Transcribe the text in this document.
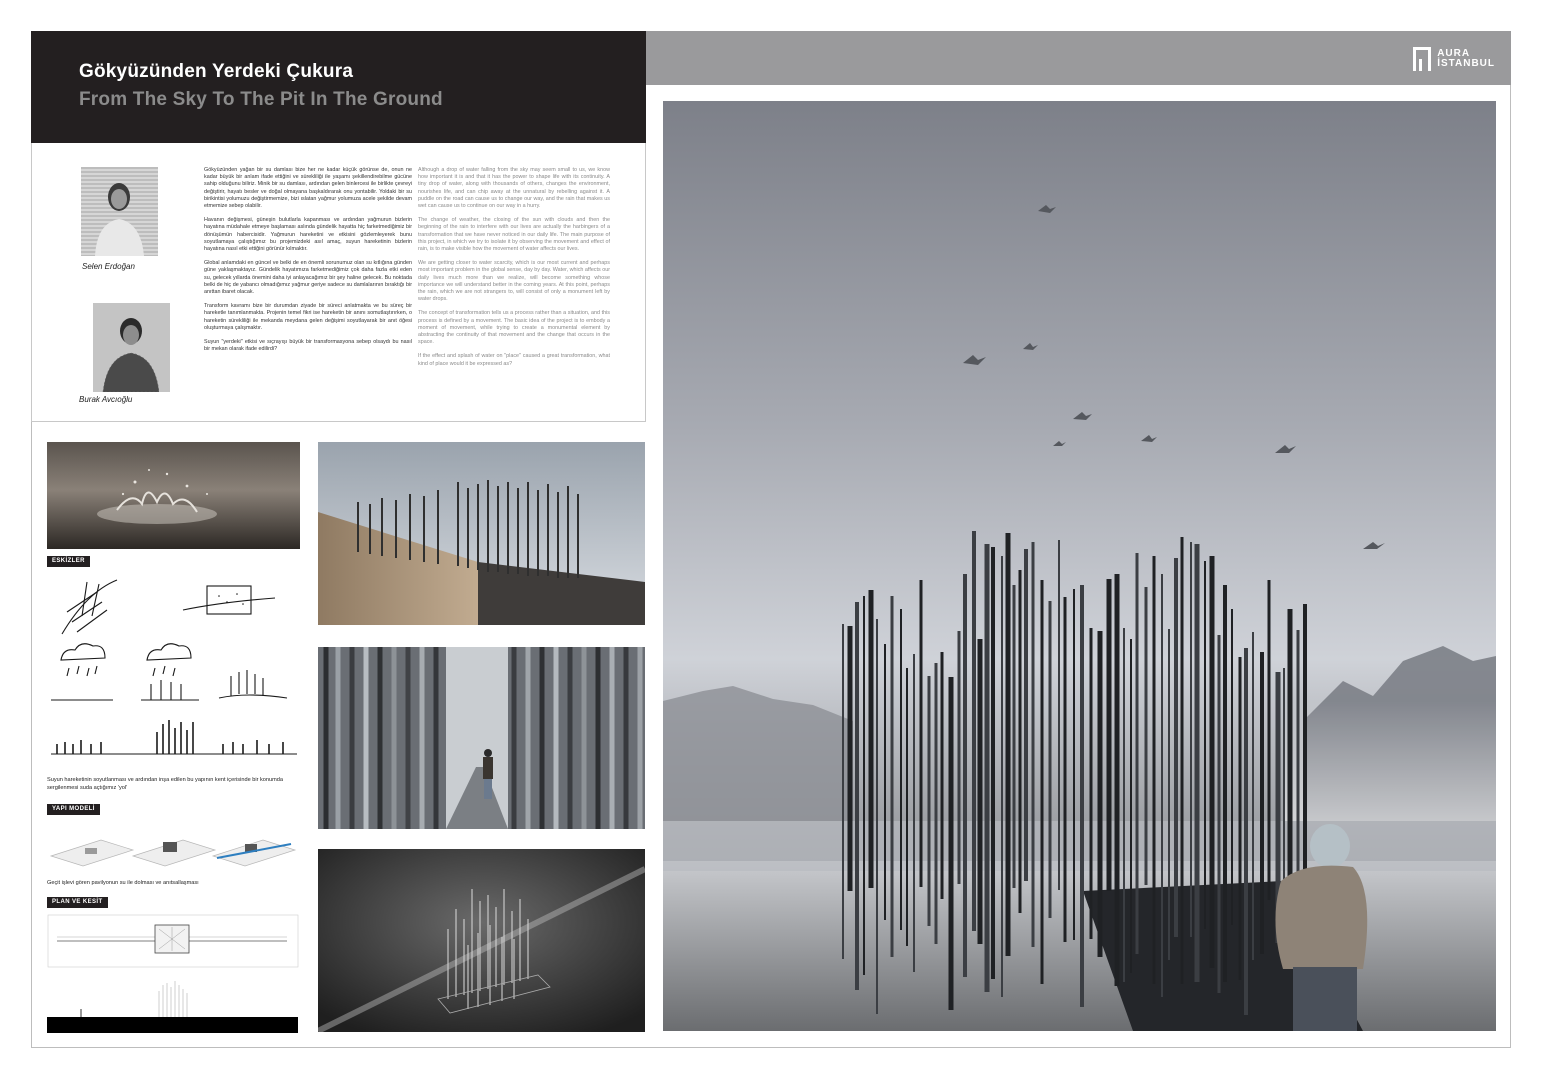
Gökyüzünden Yerdeki Çukura
From The Sky To The Pit In The Ground
AURA
İSTANBUL
Selen Erdoğan
Burak Avcıoğlu

Gökyüzünden yağan bir su damlası bize her ne kadar küçük görünse de, onun ne kadar büyük bir anlam ifade ettiğini ve sürekliliği ile yaşamı şekillendirebilme gücüne sahip olduğunu biliriz. Minik bir su damlası, ardından gelen binlercesi ile birlikte çevreyi değiştirir, hayatı besler ve doğal olmayana başkaldırarak onu yontabilir. Yoldaki bir su birikintisi yolumuzu değiştirmemize, bizi ıslatan yağmur yolumuza acele şekilde devam etmemize sebep olabilir.

Havanın değişmesi, güneşin bulutlarla kapanması ve ardından yağmurun bizlerin hayatına müdahale etmeye başlaması aslında gündelik hayatta hiç farketmediğimiz bir dönüşümün habercisidir. Yağmurun hareketini ve etkisini gözlemleyerek bunu soyutlamaya çalıştığımız bu projemizdeki asıl amaç, suyun hareketinin bizlerin hayatına nasıl etki ettiğini görünür kılmaktır.

Global anlamdaki en güncel ve belki de en önemli sorunumuz olan su kıtlığına günden güne yaklaşmaktayız. Gündelik hayatımıza farketmediğimiz çok daha fazla etki eden su, gelecek yıllarda önemini daha iyi anlayacağımız bir şey haline gelecek. Bu noktada belki de hiç de yabancı olmadığımız yağmur geriye sadece su damlalarının bıraktığı bir anıttan ibaret olacak.

Transform kavramı bize bir durumdan ziyade bir süreci anlatmakta ve bu süreç bir hareketle tanımlanmakta. Projenin temel fikri ise hareketin bir anını somutlaştırırken, o hareketin sürekliliği ile mekanda meydana gelen değişimi soyutlayarak bir anıt öğesi oluşturmaya çalışmaktır.

Suyun "yerdeki" etkisi ve sıçrayışı büyük bir transformasyona sebep olsaydı bu nasıl bir mekan olarak ifade edilirdi?

Although a drop of water falling from the sky may seem small to us, we know how important it is and that it has the power to shape life with its continuity. A tiny drop of water, along with thousands of others, changes the environment, nourishes life, and can chip away at the unnatural by rebelling against it. A puddle on the road can cause us to change our way, and the rain that makes us wet can cause us to continue on our way in a hurry.

The change of weather, the closing of the sun with clouds and then the beginning of the rain to interfere with our lives are actually the harbingers of a transformation that we have never noticed in our daily life. The main purpose of this project, in which we try to isolate it by observing the movement and effect of rain, is to make visible how the movement of water affects our lives.

We are getting closer to water scarcity, which is our most current and perhaps most important problem in the global sense, day by day. Water, which affects our daily lives much more than we realize, will become something whose importance we will understand better in the coming years. At this point, perhaps the rain, which we are not strangers to, will consist of only a monument left by water drops.

The concept of transformation tells us a process rather than a situation, and this process is defined by a movement. The basic idea of the project is to embody a moment of movement, while trying to create a monumental element by abstracting the continuity of that movement and the change that occurs in the space.

If the effect and splash of water on "place" caused a great transformation, what kind of place would it be expressed as?

ESKİZLER
Suyun hareketinin soyutlanması ve ardından inşa edilen bu yapının kent içerisinde bir konumda sergilenmesi suda açtığımız 'yol'
YAPI MODELİ
Geçit işlevi gören pavilyonun su ile dolması ve anıtsallaşması
PLAN VE KESİT
